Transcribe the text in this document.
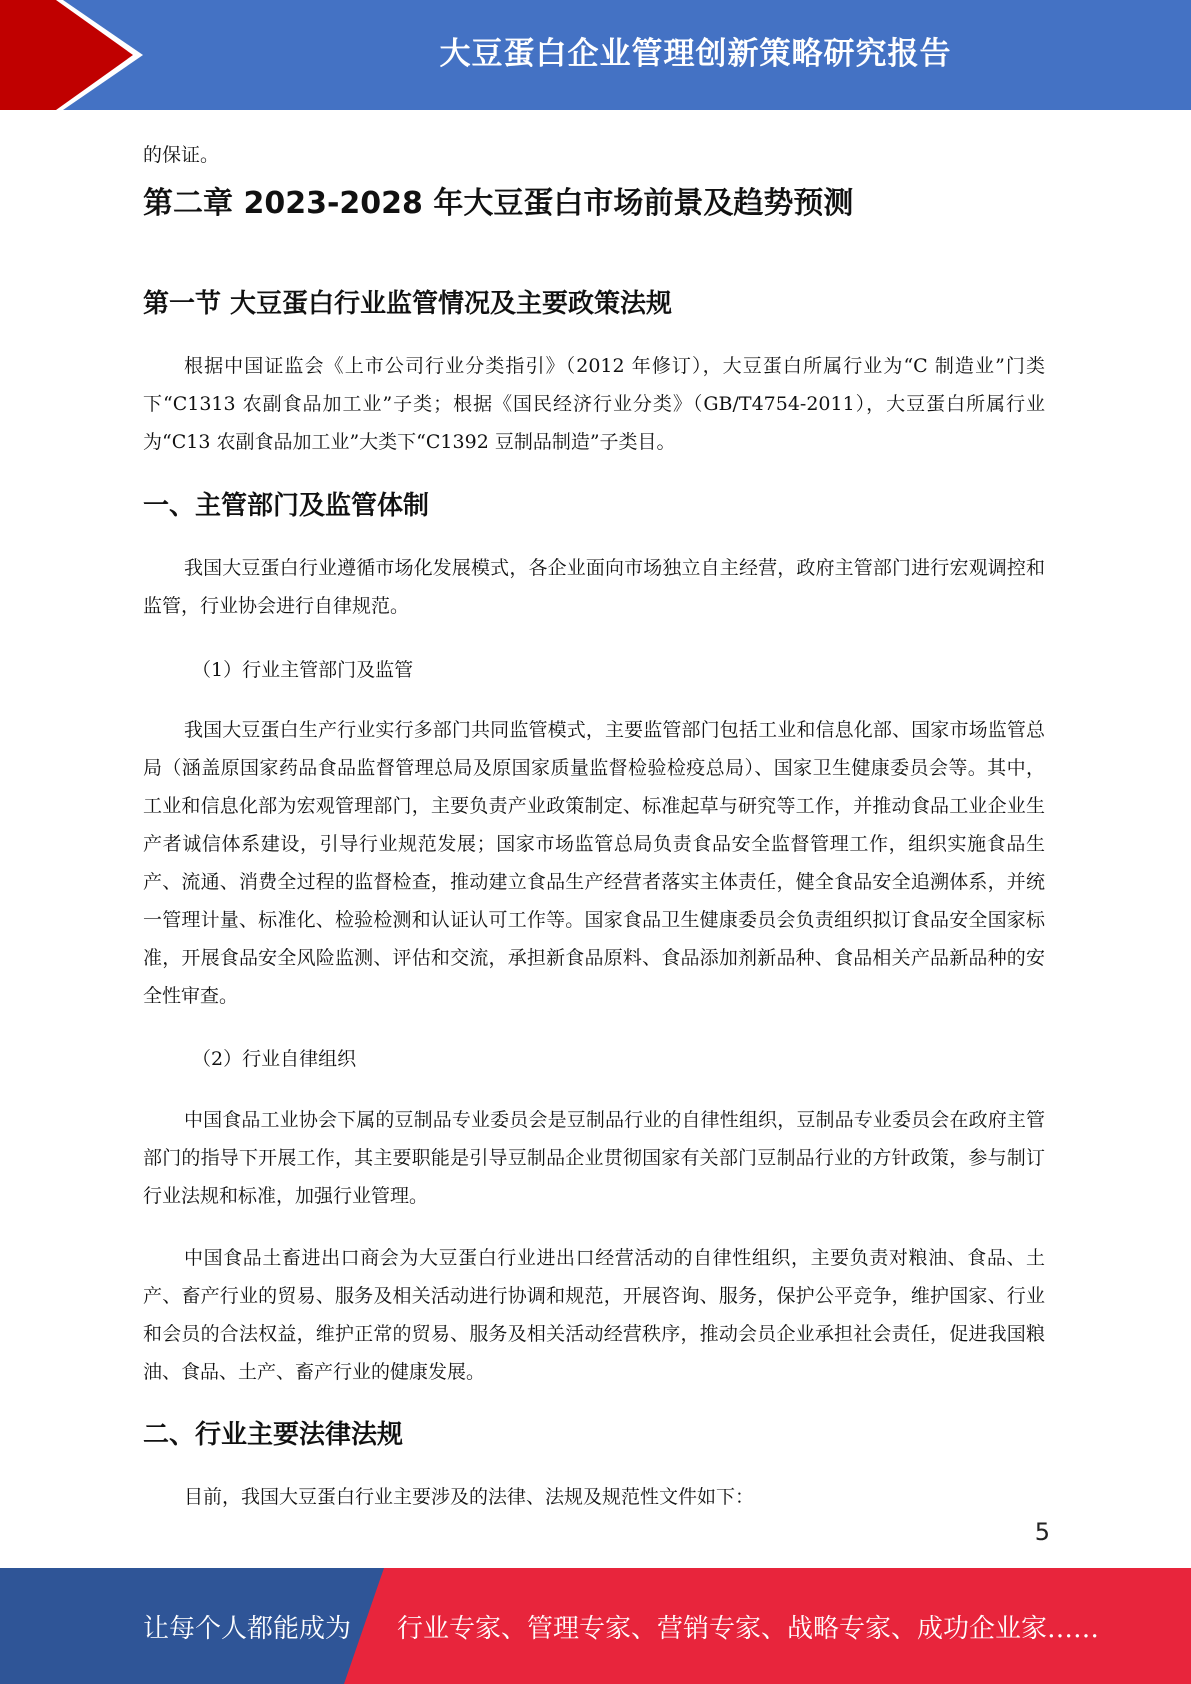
大豆蛋白企业管理创新策略研究报告

的保证。

第二章 2023-2028 年大豆蛋白市场前景及趋势预测
第一节 大豆蛋白行业监管情况及主要政策法规

根据中国证监会《上市公司行业分类指引》（2012 年修订），大豆蛋白所属行业为“C 制造业”门类下“C1313 农副食品加工业”子类；根据《国民经济行业分类》（GB/T4754-2011），大豆蛋白所属行业为“C13 农副食品加工业”大类下“C1392 豆制品制造”子类目。

一、主管部门及监管体制

我国大豆蛋白行业遵循市场化发展模式，各企业面向市场独立自主经营，政府主管部门进行宏观调控和监管，行业协会进行自律规范。

（1）行业主管部门及监管

我国大豆蛋白生产行业实行多部门共同监管模式，主要监管部门包括工业和信息化部、国家市场监管总局（涵盖原国家药品食品监督管理总局及原国家质量监督检验检疫总局）、国家卫生健康委员会等。其中，工业和信息化部为宏观管理部门，主要负责产业政策制定、标准起草与研究等工作，并推动食品工业企业生产者诚信体系建设，引导行业规范发展；国家市场监管总局负责食品安全监督管理工作，组织实施食品生产、流通、消费全过程的监督检查，推动建立食品生产经营者落实主体责任，健全食品安全追溯体系，并统一管理计量、标准化、检验检测和认证认可工作等。国家食品卫生健康委员会负责组织拟订食品安全国家标准，开展食品安全风险监测、评估和交流，承担新食品原料、食品添加剂新品种、食品相关产品新品种的安全性审查。

（2）行业自律组织

中国食品工业协会下属的豆制品专业委员会是豆制品行业的自律性组织，豆制品专业委员会在政府主管部门的指导下开展工作，其主要职能是引导豆制品企业贯彻国家有关部门豆制品行业的方针政策，参与制订行业法规和标准，加强行业管理。

中国食品土畜进出口商会为大豆蛋白行业进出口经营活动的自律性组织，主要负责对粮油、食品、土产、畜产行业的贸易、服务及相关活动进行协调和规范，开展咨询、服务，保护公平竞争，维护国家、行业和会员的合法权益，维护正常的贸易、服务及相关活动经营秩序，推动会员企业承担社会责任，促进我国粮油、食品、土产、畜产行业的健康发展。

二、行业主要法律法规

目前，我国大豆蛋白行业主要涉及的法律、法规及规范性文件如下：

5
让每个人都能成为 行业专家、管理专家、营销专家、战略专家、成功企业家……
